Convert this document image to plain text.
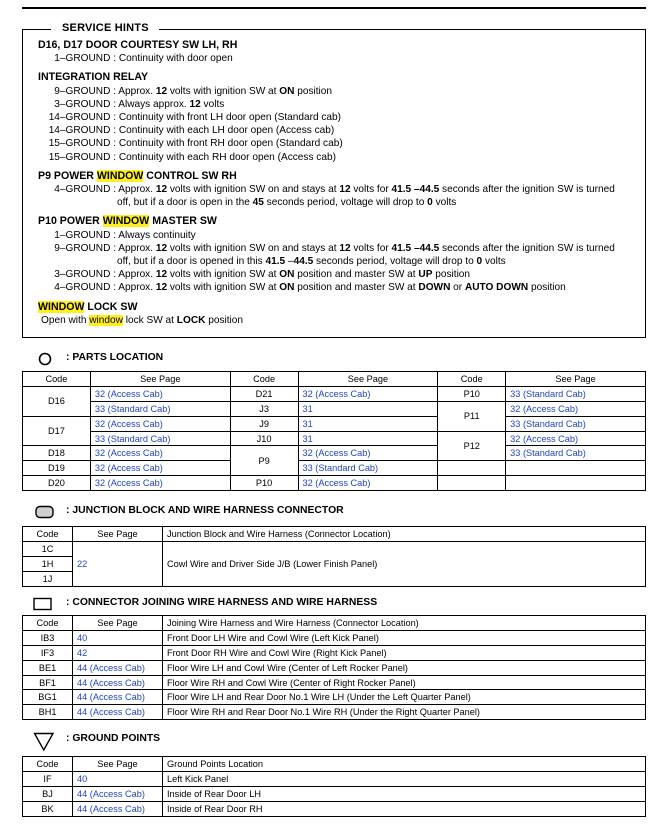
SERVICE HINTS
D16, D17 DOOR COURTESY SW LH, RH
1–GROUND : Continuity with door open
INTEGRATION RELAY
9–GROUND : Approx. 12 volts with ignition SW at ON position
3–GROUND : Always approx. 12 volts
14–GROUND : Continuity with front LH door open (Standard cab)
14–GROUND : Continuity with each LH door open (Access cab)
15–GROUND : Continuity with front RH door open (Standard cab)
15–GROUND : Continuity with each RH door open (Access cab)
P9 POWER WINDOW CONTROL SW RH
4–GROUND : Approx. 12 volts with ignition SW on and stays at 12 volts for 41.5 –44.5 seconds after the ignition SW is turned
off, but if a door is open in the 45 seconds period, voltage will drop to 0 volts
P10 POWER WINDOW MASTER SW
1–GROUND : Always continuity
9–GROUND : Approx. 12 volts with ignition SW on and stays at 12 volts for 41.5 –44.5 seconds after the ignition SW is turned
off, but if a door is opened in this 41.5 –44.5 seconds period, voltage will drop to 0 volts
3–GROUND : Approx. 12 volts with ignition SW at ON position and master SW at UP position
4–GROUND : Approx. 12 volts with ignition SW at ON position and master SW at DOWN or AUTO DOWN position
WINDOW LOCK SW
Open with window lock SW at LOCK position
: PARTS LOCATION
Code	See Page	Code	See Page	Code	See Page
D16	32 (Access Cab)	D21	32 (Access Cab)	P10	33 (Standard Cab)
	33 (Standard Cab)	J3	31	P11	32 (Access Cab)
D17	32 (Access Cab)	J9	31		33 (Standard Cab)
	33 (Standard Cab)	J10	31	P12	32 (Access Cab)
D18	32 (Access Cab)	P9	32 (Access Cab)		33 (Standard Cab)
D19	32 (Access Cab)		33 (Standard Cab)		
D20	32 (Access Cab)	P10	32 (Access Cab)		
: JUNCTION BLOCK AND WIRE HARNESS CONNECTOR
Code	See Page	Junction Block and Wire Harness (Connector Location)
1C	22	Cowl Wire and Driver Side J/B (Lower Finish Panel)
1H		
1J		
: CONNECTOR JOINING WIRE HARNESS AND WIRE HARNESS
Code	See Page	Joining Wire Harness and Wire Harness (Connector Location)
IB3	40	Front Door LH Wire and Cowl Wire (Left Kick Panel)
IF3	42	Front Door RH Wire and Cowl Wire (Right Kick Panel)
BE1	44 (Access Cab)	Floor Wire LH and Cowl Wire (Center of Left Rocker Panel)
BF1	44 (Access Cab)	Floor Wire RH and Cowl Wire (Center of Right Rocker Panel)
BG1	44 (Access Cab)	Floor Wire LH and Rear Door No.1 Wire LH (Under the Left Quarter Panel)
BH1	44 (Access Cab)	Floor Wire RH and Rear Door No.1 Wire RH (Under the Right Quarter Panel)
: GROUND POINTS
Code	See Page	Ground Points Location
IF	40	Left Kick Panel
BJ	44 (Access Cab)	Inside of Rear Door LH
BK	44 (Access Cab)	Inside of Rear Door RH
